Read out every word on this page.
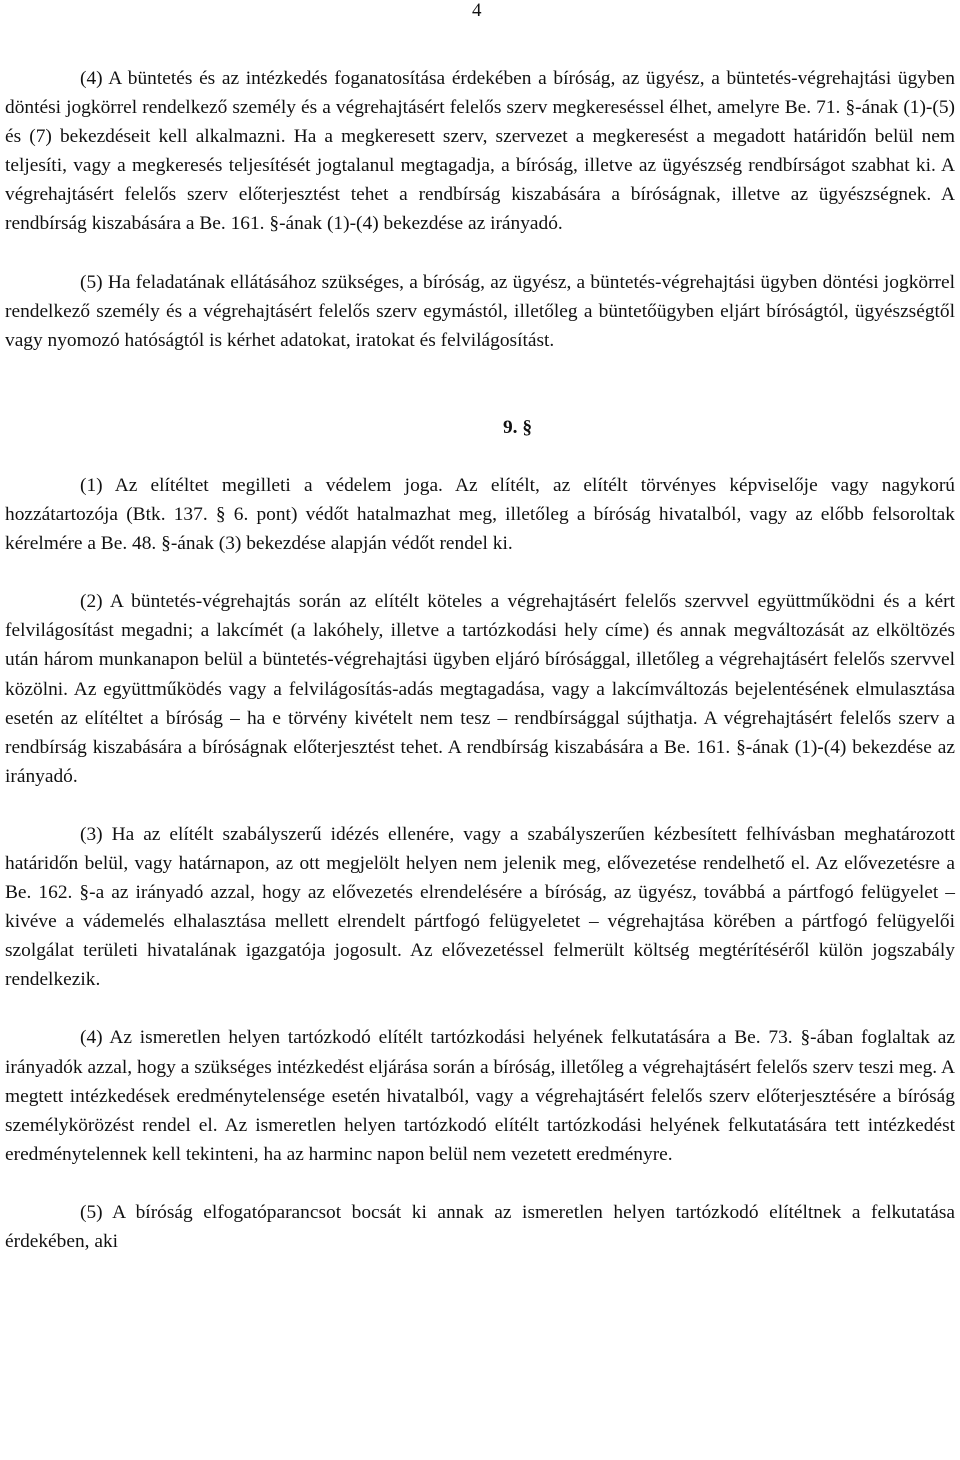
4

(4) A büntetés és az intézkedés foganatosítása érdekében a bíróság, az ügyész, a büntetés-végrehajtási ügyben döntési jogkörrel rendelkező személy és a végrehajtásért felelős szerv megkereséssel élhet, amelyre Be. 71. §-ának (1)-(5) és (7) bekezdéseit kell alkalmazni. Ha a megkeresett szerv, szervezet a megkeresést a megadott határidőn belül nem teljesíti, vagy a megkeresés teljesítését jogtalanul megtagadja, a bíróság, illetve az ügyészség rendbírságot szabhat ki. A végrehajtásért felelős szerv előterjesztést tehet a rendbírság kiszabására a bíróságnak, illetve az ügyészségnek. A rendbírság kiszabására a Be. 161. §-ának (1)-(4) bekezdése az irányadó.

(5) Ha feladatának ellátásához szükséges, a bíróság, az ügyész, a büntetés-végrehajtási ügyben döntési jogkörrel rendelkező személy és a végrehajtásért felelős szerv egymástól, illetőleg a büntetőügyben eljárt bíróságtól, ügyészségtől vagy nyomozó hatóságtól is kérhet adatokat, iratokat és felvilágosítást.

9. §

(1) Az elítéltet megilleti a védelem joga. Az elítélt, az elítélt törvényes képviselője vagy nagykorú hozzátartozója (Btk. 137. § 6. pont) védőt hatalmazhat meg, illetőleg a bíróság hivatalból, vagy az előbb felsoroltak kérelmére a Be. 48. §-ának (3) bekezdése alapján védőt rendel ki.

(2) A büntetés-végrehajtás során az elítélt köteles a végrehajtásért felelős szervvel együttműködni és a kért felvilágosítást megadni; a lakcímét (a lakóhely, illetve a tartózkodási hely címe) és annak megváltozását az elköltözés után három munkanapon belül a büntetés-végrehajtási ügyben eljáró bírósággal, illetőleg a végrehajtásért felelős szervvel közölni. Az együttműködés vagy a felvilágosítás-adás megtagadása, vagy a lakcímváltozás bejelentésének elmulasztása esetén az elítéltet a bíróság – ha e törvény kivételt nem tesz – rendbírsággal sújthatja. A végrehajtásért felelős szerv a rendbírság kiszabására a bíróságnak előterjesztést tehet. A rendbírság kiszabására a Be. 161. §-ának (1)-(4) bekezdése az irányadó.

(3) Ha az elítélt szabályszerű idézés ellenére, vagy a szabályszerűen kézbesített felhívásban meghatározott határidőn belül, vagy határnapon, az ott megjelölt helyen nem jelenik meg, elővezetése rendelhető el. Az elővezetésre a Be. 162. §-a az irányadó azzal, hogy az elővezetés elrendelésére a bíróság, az ügyész, továbbá a pártfogó felügyelet – kivéve a vádemelés elhalasztása mellett elrendelt pártfogó felügyeletet – végrehajtása körében a pártfogó felügyelői szolgálat területi hivatalának igazgatója jogosult. Az elővezetéssel felmerült költség megtérítéséről külön jogszabály rendelkezik.

(4) Az ismeretlen helyen tartózkodó elítélt tartózkodási helyének felkutatására a Be. 73. §-ában foglaltak az irányadók azzal, hogy a szükséges intézkedést eljárása során a bíróság, illetőleg a végrehajtásért felelős szerv teszi meg. A megtett intézkedések eredménytelensége esetén hivatalból, vagy a végrehajtásért felelős szerv előterjesztésére a bíróság személykörözést rendel el. Az ismeretlen helyen tartózkodó elítélt tartózkodási helyének felkutatására tett intézkedést eredménytelennek kell tekinteni, ha az harminc napon belül nem vezetett eredményre.

(5) A bíróság elfogatóparancsot bocsát ki annak az ismeretlen helyen tartózkodó elítéltnek a felkutatása érdekében, aki
